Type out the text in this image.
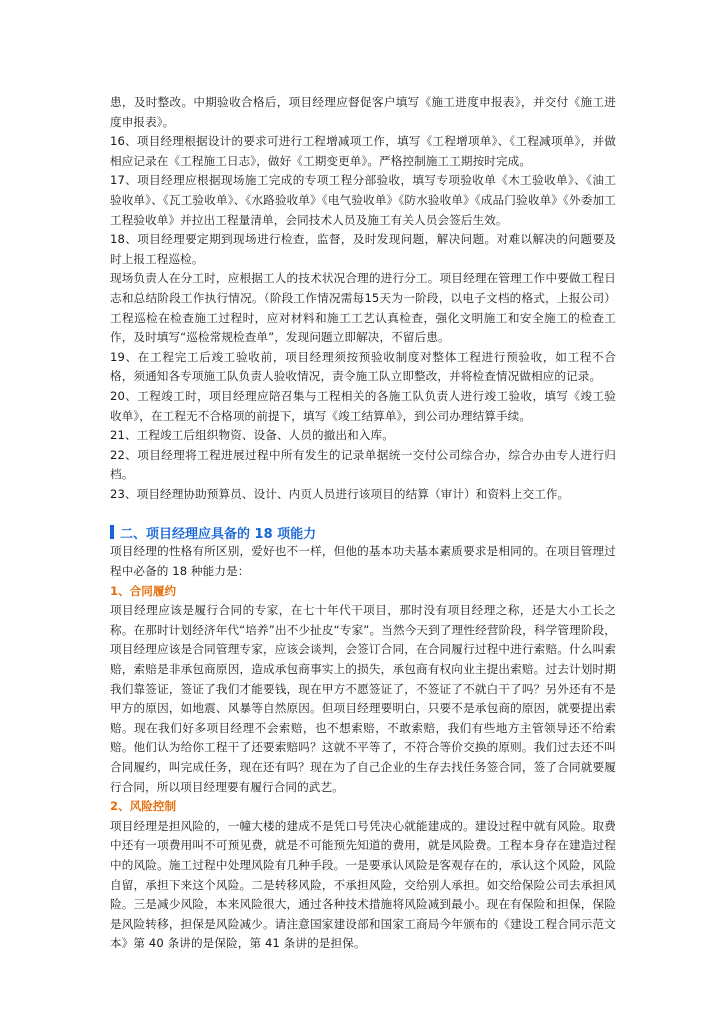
患，及时整改。中期验收合格后，项目经理应督促客户填写《施工进度申报表》，并交付《施工进度申报表》。

16、项目经理根据设计的要求可进行工程增减项工作，填写《工程增项单》、《工程减项单》，并做相应记录在《工程施工日志》，做好《工期变更单》。严格控制施工工期按时完成。

17、项目经理应根据现场施工完成的专项工程分部验收，填写专项验收单《木工验收单》、《油工验收单》、《瓦工验收单》、《水路验收单》《电气验收单》《防水验收单》《成品门验收单》《外委加工工程验收单》并拉出工程量清单，会同技术人员及施工有关人员会签后生效。

18、项目经理要定期到现场进行检查，监督，及时发现问题，解决问题。对难以解决的问题要及时上报工程巡检。

现场负责人在分工时，应根据工人的技术状况合理的进行分工。项目经理在管理工作中要做工程日志和总结阶段工作执行情况。（阶段工作情况需每15天为一阶段，以电子文档的格式，上报公司）工程巡检在检查施工过程时，应对材料和施工工艺认真检查，强化文明施工和安全施工的检查工作，及时填写“巡检常规检查单”，发现问题立即解决，不留后患。

19、在工程完工后竣工验收前，项目经理须按预验收制度对整体工程进行预验收，如工程不合格，须通知各专项施工队负责人验收情况，责令施工队立即整改，并将检查情况做相应的记录。

20、工程竣工时，项目经理应陪召集与工程相关的各施工队负责人进行竣工验收，填写《竣工验收单》，在工程无不合格项的前提下，填写《竣工结算单》，到公司办理结算手续。

21、工程竣工后组织物资、设备、人员的撤出和入库。

22、项目经理将工程进展过程中所有发生的记录单据统一交付公司综合办，综合办由专人进行归档。

23、项目经理协助预算员、设计、内页人员进行该项目的结算（审计）和资料上交工作。

二、项目经理应具备的 18 项能力

项目经理的性格有所区别，爱好也不一样，但他的基本功夫基本素质要求是相同的。在项目管理过程中必备的 18 种能力是：

1、合同履约

项目经理应该是履行合同的专家，在七十年代干项目，那时没有项目经理之称，还是大小工长之称。在那时计划经济年代“培养”出不少扯皮“专家”。当然今天到了理性经营阶段，科学管理阶段，项目经理应该是合同管理专家，应该会谈判，会签订合同，在合同履行过程中进行索赔。什么叫索赔，索赔是非承包商原因，造成承包商事实上的损失，承包商有权向业主提出索赔。过去计划时期我们靠签证，签证了我们才能要钱，现在甲方不愿签证了，不签证了不就白干了吗？另外还有不是甲方的原因，如地震、风暴等自然原因。但项目经理要明白，只要不是承包商的原因，就要提出索赔。现在我们好多项目经理不会索赔，也不想索赔，不敢索赔，我们有些地方主管领导还不给索赔。他们认为给你工程干了还要索赔吗？这就不平等了，不符合等价交换的原则。我们过去还不叫合同履约，叫完成任务，现在还有吗？现在为了自己企业的生存去找任务签合同，签了合同就要履行合同，所以项目经理要有履行合同的武艺。

2、风险控制

项目经理是担风险的，一幢大楼的建成不是凭口号凭决心就能建成的。建设过程中就有风险。取费中还有一项费用叫不可预见费，就是不可能预先知道的费用，就是风险费。工程本身存在建造过程中的风险。施工过程中处理风险有几种手段。一是要承认风险是客观存在的，承认这个风险，风险自留，承担下来这个风险。二是转移风险，不承担风险，交给别人承担。如交给保险公司去承担风险。三是减少风险，本来风险很大，通过各种技术措施将风险减到最小。现在有保险和担保，保险是风险转移，担保是风险减少。请注意国家建设部和国家工商局今年颁布的《建设工程合同示范文本》第 40 条讲的是保险，第 41 条讲的是担保。
